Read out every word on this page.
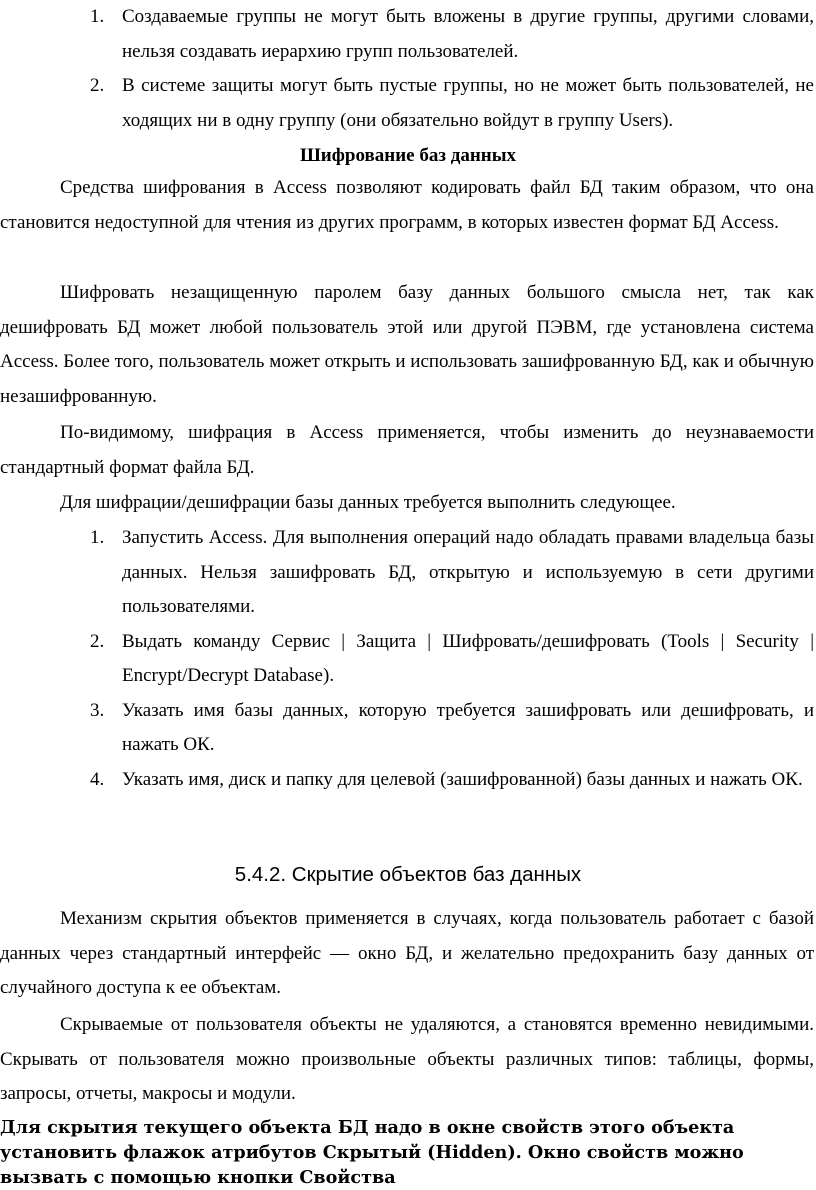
1. Создаваемые группы не могут быть вложены в другие группы, другими словами, нельзя создавать иерархию групп пользователей.
2. В системе защиты могут быть пустые группы, но не может быть пользователей, не ходящих ни в одну группу (они обязательно войдут в группу Users).

Шифрование баз данных

Средства шифрования в Access позволяют кодировать файл БД таким образом, что она становится недоступной для чтения из других программ, в которых известен формат БД Access.

Шифровать незащищенную паролем базу данных большого смысла нет, так как дешифровать БД может любой пользователь этой или другой ПЭВМ, где установлена система Access. Более того, пользователь может открыть и использовать зашифрованную БД, как и обычную незашифрованную.

По-видимому, шифрация в Access применяется, чтобы изменить до неузнаваемости стандартный формат файла БД.

Для шифрации/дешифрации базы данных требуется выполнить следующее.

1. Запустить Access. Для выполнения операций надо обладать правами владельца базы данных. Нельзя зашифровать БД, открытую и используемую в сети другими пользователями.
2. Выдать команду Сервис | Защита | Шифровать/дешифровать (Tools | Security | Encrypt/Decrypt Database).
3. Указать имя базы данных, которую требуется зашифровать или дешифровать, и нажать ОК.
4. Указать имя, диск и папку для целевой (зашифрованной) базы данных и нажать ОК.

5.4.2. Скрытие объектов баз данных

Механизм скрытия объектов применяется в случаях, когда пользователь работает с базой данных через стандартный интерфейс — окно БД, и желательно предохранить базу данных от случайного доступа к ее объектам.

Скрываемые от пользователя объекты не удаляются, а становятся временно невидимыми. Скрывать от пользователя можно произвольные объекты различных типов: таблицы, формы, запросы, отчеты, макросы и модули.

Для скрытия текущего объекта БД надо в окне свойств этого объекта установить флажок атрибутов Скрытый (Hidden). Окно свойств можно вызвать с помощью кнопки Свойства
